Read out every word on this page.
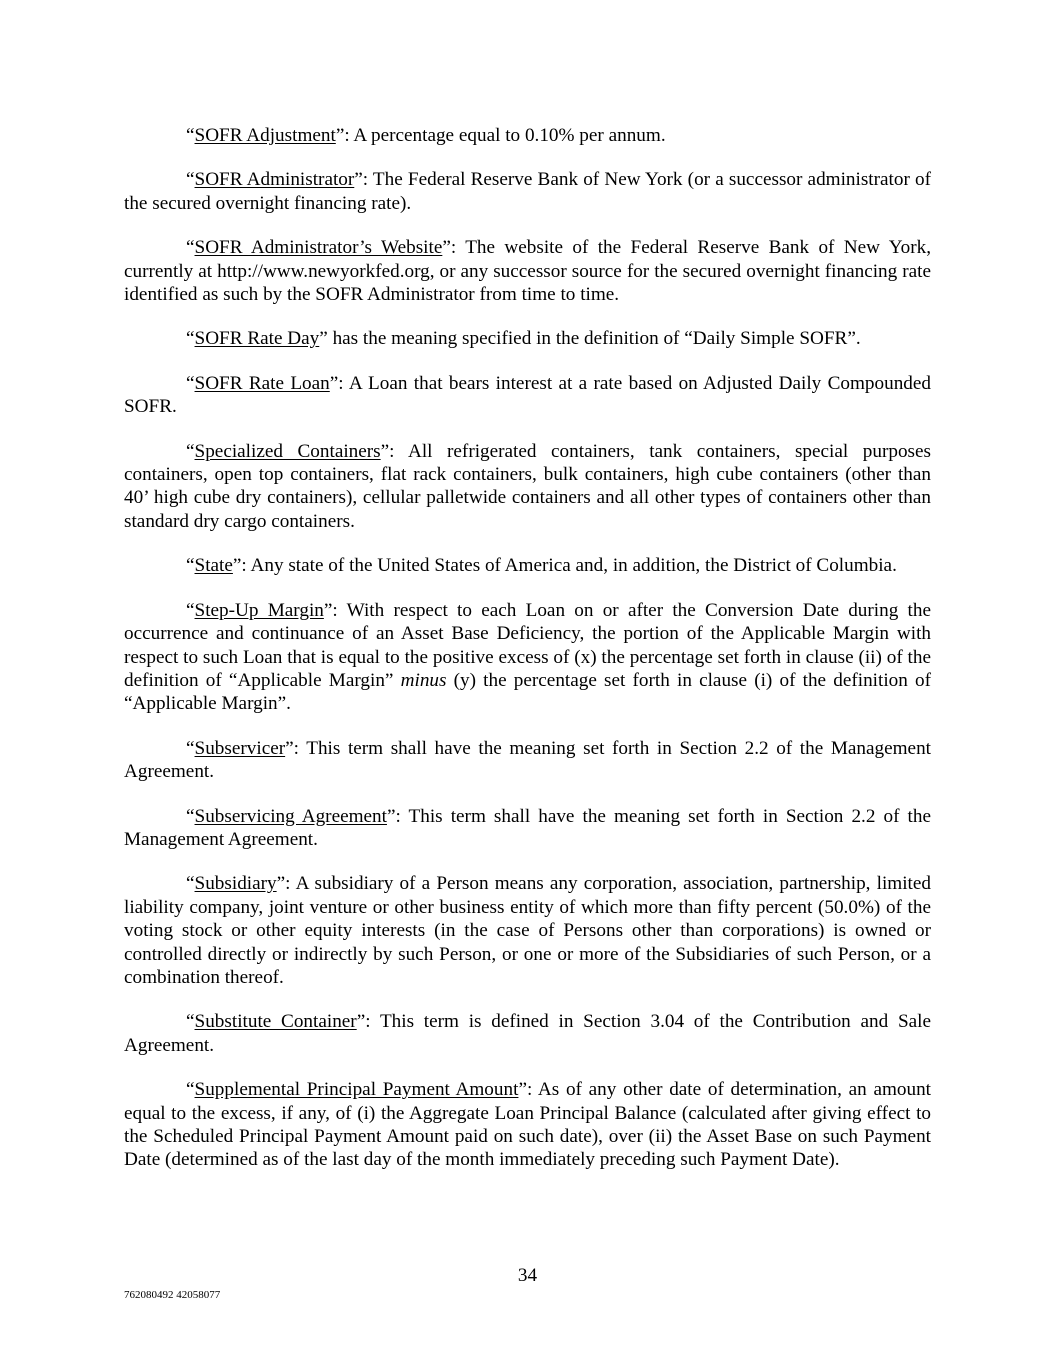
“SOFR Adjustment”: A percentage equal to 0.10% per annum.

“SOFR Administrator”: The Federal Reserve Bank of New York (or a successor administrator of the secured overnight financing rate).

“SOFR Administrator’s Website”: The website of the Federal Reserve Bank of New York, currently at http://www.newyorkfed.org, or any successor source for the secured overnight financing rate identified as such by the SOFR Administrator from time to time.

“SOFR Rate Day” has the meaning specified in the definition of “Daily Simple SOFR”.

“SOFR Rate Loan”: A Loan that bears interest at a rate based on Adjusted Daily Compounded SOFR.

“Specialized Containers”: All refrigerated containers, tank containers, special purposes containers, open top containers, flat rack containers, bulk containers, high cube containers (other than 40’ high cube dry containers), cellular palletwide containers and all other types of containers other than standard dry cargo containers.

“State”: Any state of the United States of America and, in addition, the District of Columbia.

“Step-Up Margin”: With respect to each Loan on or after the Conversion Date during the occurrence and continuance of an Asset Base Deficiency, the portion of the Applicable Margin with respect to such Loan that is equal to the positive excess of (x) the percentage set forth in clause (ii) of the definition of “Applicable Margin” minus (y) the percentage set forth in clause (i) of the definition of “Applicable Margin”.

“Subservicer”: This term shall have the meaning set forth in Section 2.2 of the Management Agreement.

“Subservicing Agreement”: This term shall have the meaning set forth in Section 2.2 of the Management Agreement.

“Subsidiary”: A subsidiary of a Person means any corporation, association, partnership, limited liability company, joint venture or other business entity of which more than fifty percent (50.0%) of the voting stock or other equity interests (in the case of Persons other than corporations) is owned or controlled directly or indirectly by such Person, or one or more of the Subsidiaries of such Person, or a combination thereof.

“Substitute Container”: This term is defined in Section 3.04 of the Contribution and Sale Agreement.

“Supplemental Principal Payment Amount”: As of any other date of determination, an amount equal to the excess, if any, of (i) the Aggregate Loan Principal Balance (calculated after giving effect to the Scheduled Principal Payment Amount paid on such date), over (ii) the Asset Base on such Payment Date (determined as of the last day of the month immediately preceding such Payment Date).

34
762080492 42058077
